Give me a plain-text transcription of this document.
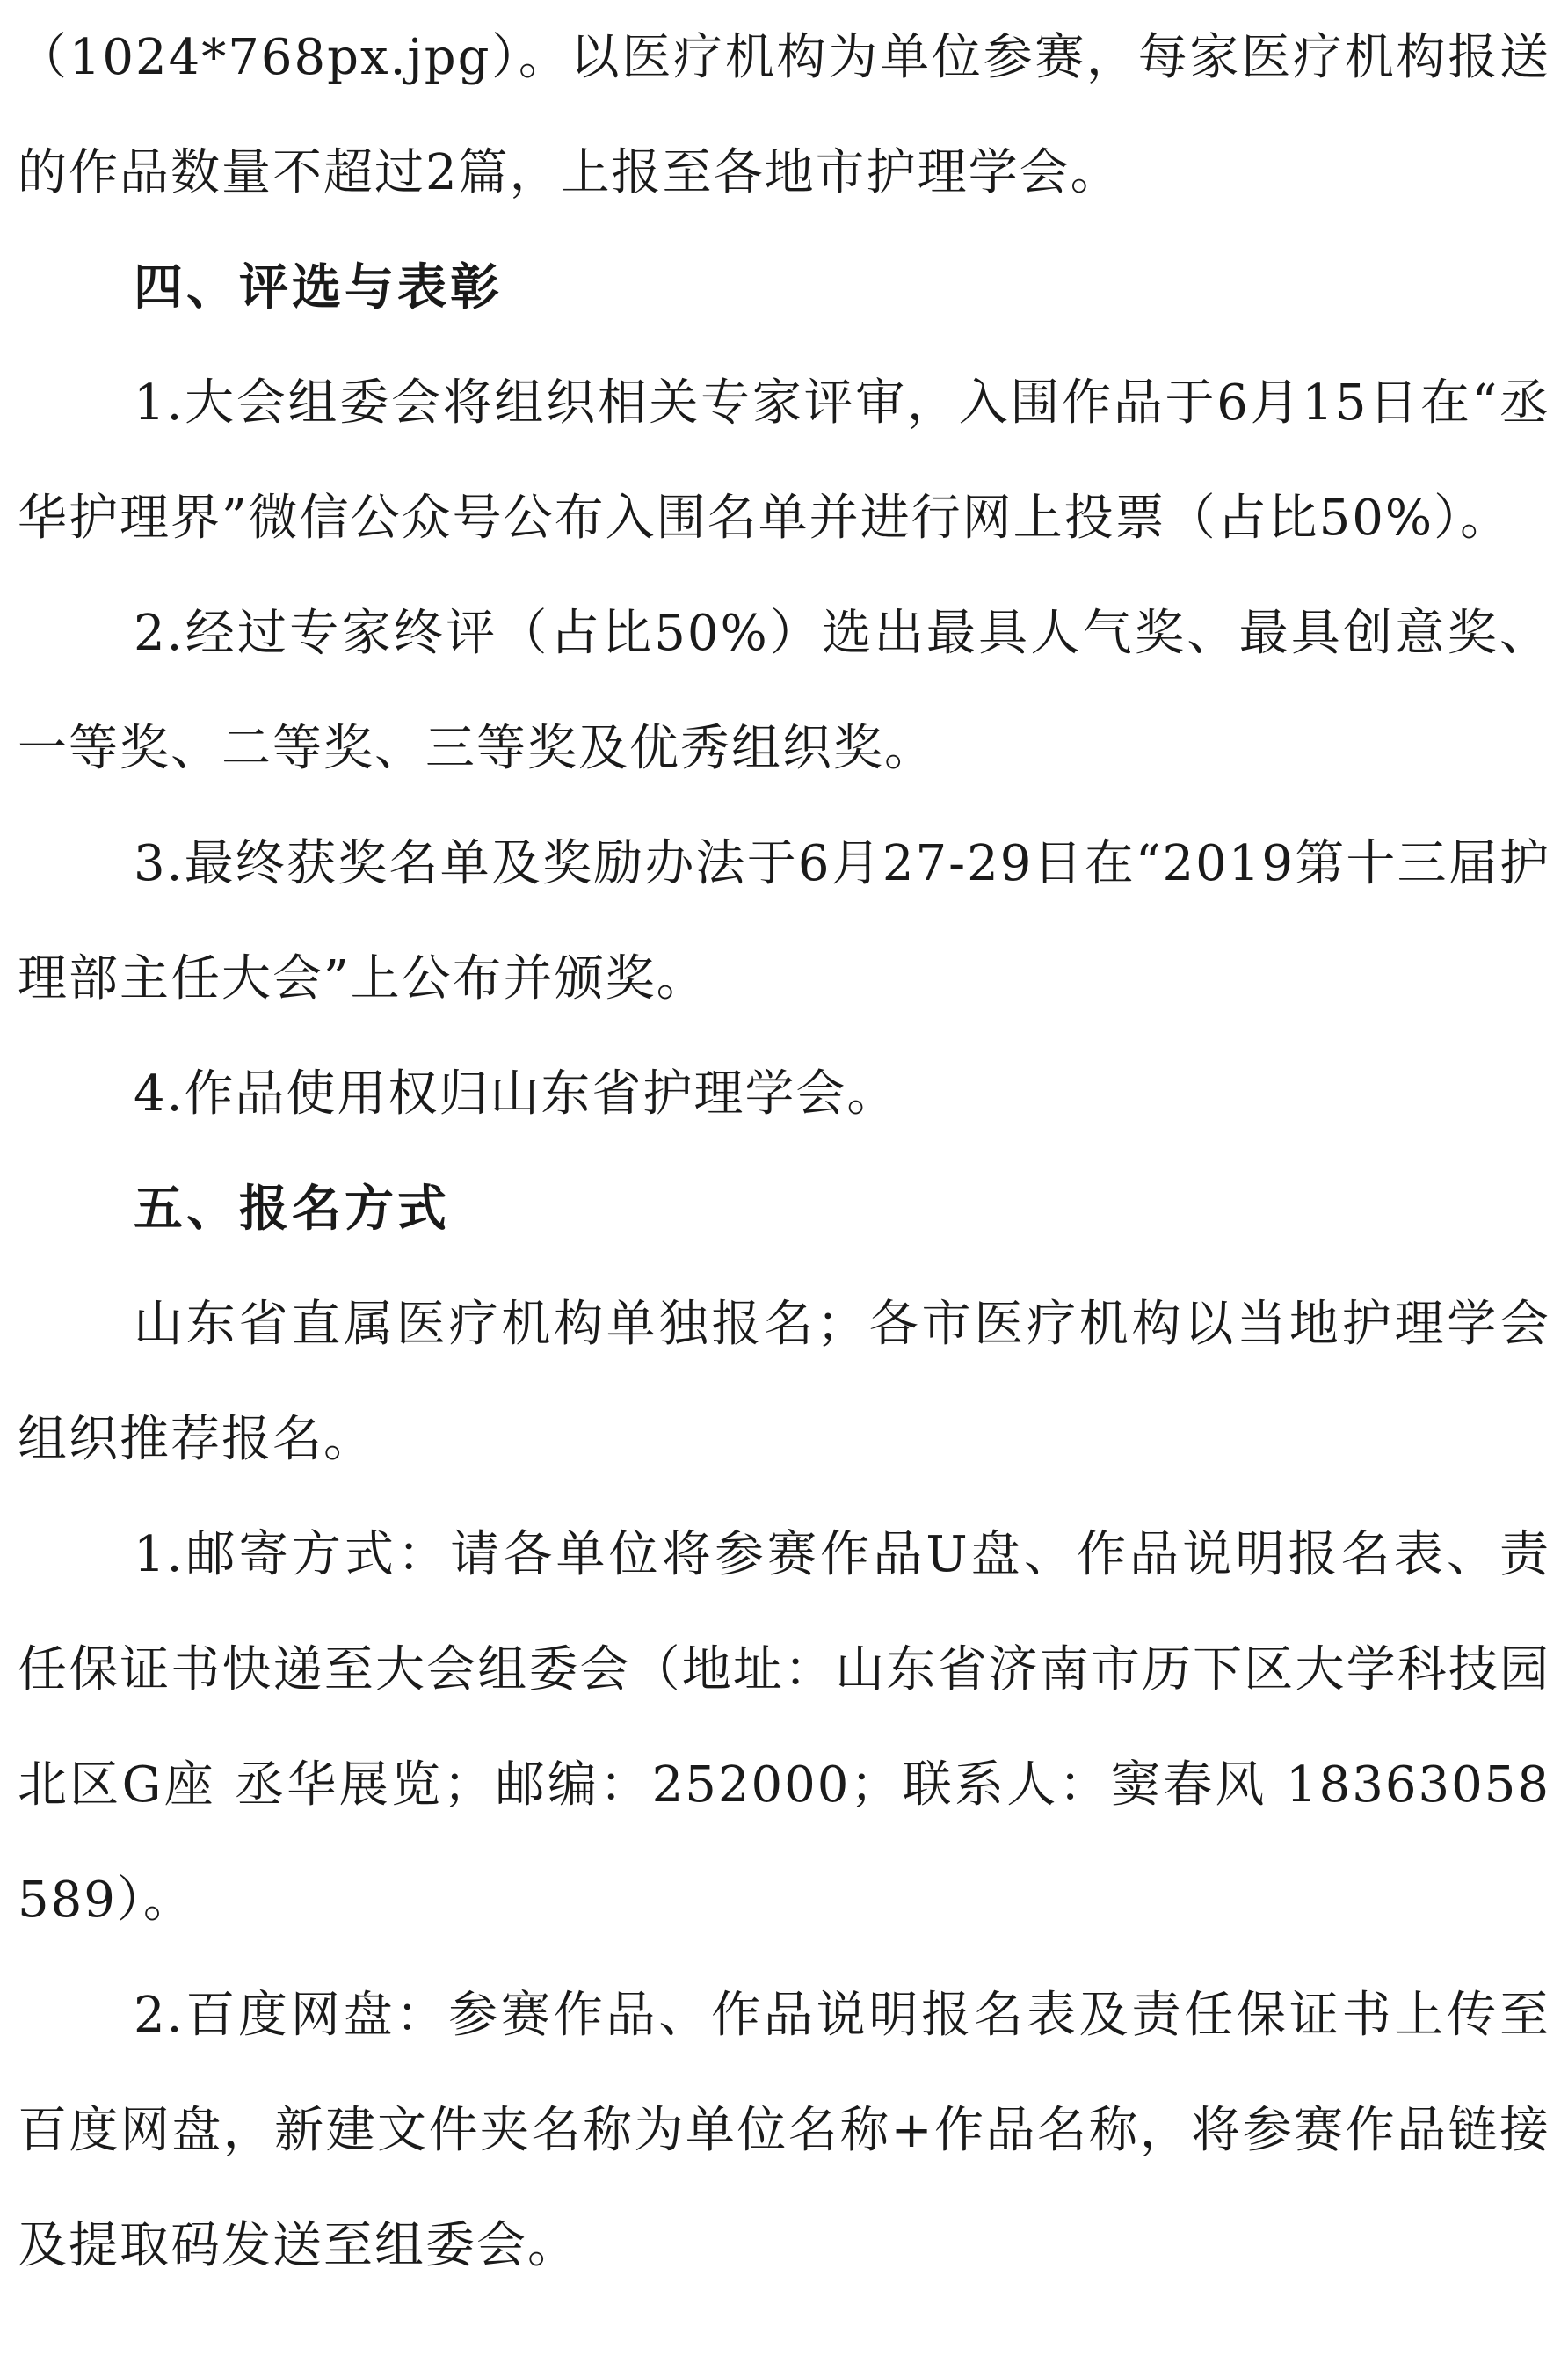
（1024*768px.jpg）。以医疗机构为单位参赛，每家医疗机构报送的作品数量不超过2篇，上报至各地市护理学会。

四、评选与表彰

1.大会组委会将组织相关专家评审，入围作品于6月15日在“丞华护理界”微信公众号公布入围名单并进行网上投票（占比50%）。

2.经过专家终评（占比50%）选出最具人气奖、最具创意奖、一等奖、二等奖、三等奖及优秀组织奖。

3.最终获奖名单及奖励办法于6月27-29日在“2019第十三届护理部主任大会”上公布并颁奖。

4.作品使用权归山东省护理学会。

五、报名方式

山东省直属医疗机构单独报名；各市医疗机构以当地护理学会组织推荐报名。

1.邮寄方式：请各单位将参赛作品U盘、作品说明报名表、责任保证书快递至大会组委会（地址：山东省济南市历下区大学科技园北区G座 丞华展览；邮编：252000；联系人：窦春风 18363058589）。

2.百度网盘：参赛作品、作品说明报名表及责任保证书上传至百度网盘，新建文件夹名称为单位名称+作品名称，将参赛作品链接及提取码发送至组委会。
